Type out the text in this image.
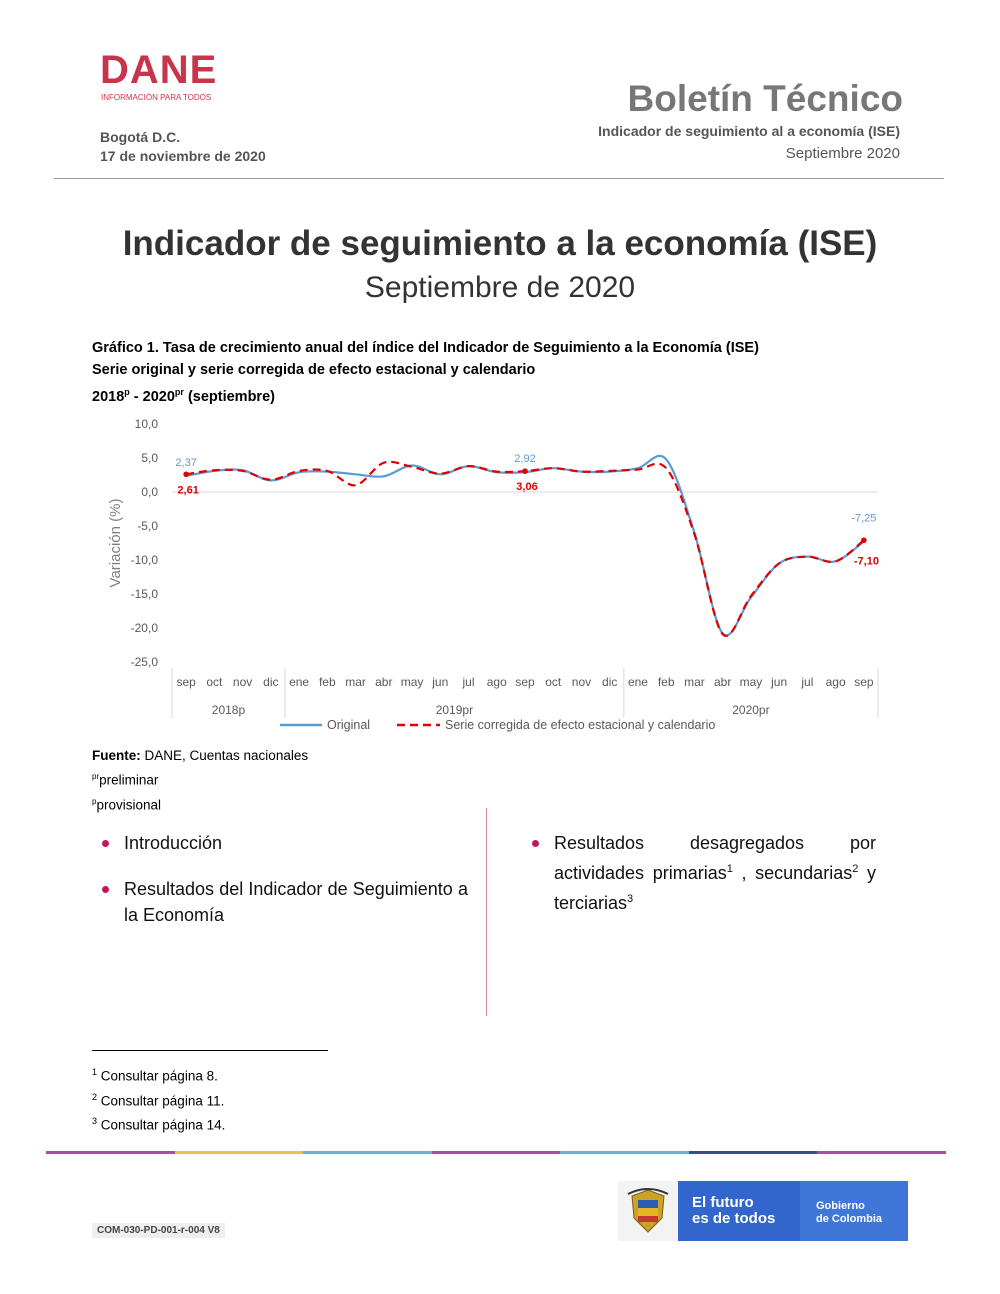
DANE
INFORMACIÓN PARA TODOS
Bogotá D.C.
17 de noviembre de 2020
Boletín Técnico
Indicador de seguimiento al a economía (ISE)
Septiembre 2020
Indicador de seguimiento a la economía (ISE)
Septiembre de 2020
Gráfico 1. Tasa de crecimiento anual del índice del Indicador de Seguimiento a la Economía (ISE)
Serie original y serie corregida de efecto estacional y calendario
$2018^p - 2020^{pr}$ (septiembre)
Variación (%)
10,0
5,0
0,0
-5,0
-10,0
-15,0
-20,0
-25,0
sep oct nov dic ene feb mar abr may jun jul ago sep oct nov dic ene feb mar abr may jun jul ago sep
2018p	2019pr	2020pr
2,37
2,61
2,92
3,06
-7,25
-7,10
Original	Serie corregida de efecto estacional y calendario
Fuente: DANE, Cuentas nacionales
$^{pr}$preliminar
$^p$provisional
Introducción
Resultados del Indicador de Seguimiento a la Economía
Resultados desagregados por actividades primarias$^1$ , secundarias$^2$ y terciarias$^3$
$^1$ Consultar página 8.
$^2$ Consultar página 11.
$^3$ Consultar página 14.
COM-030-PD-001-r-004 V8
El futuro
es de todos
Gobierno
de Colombia
